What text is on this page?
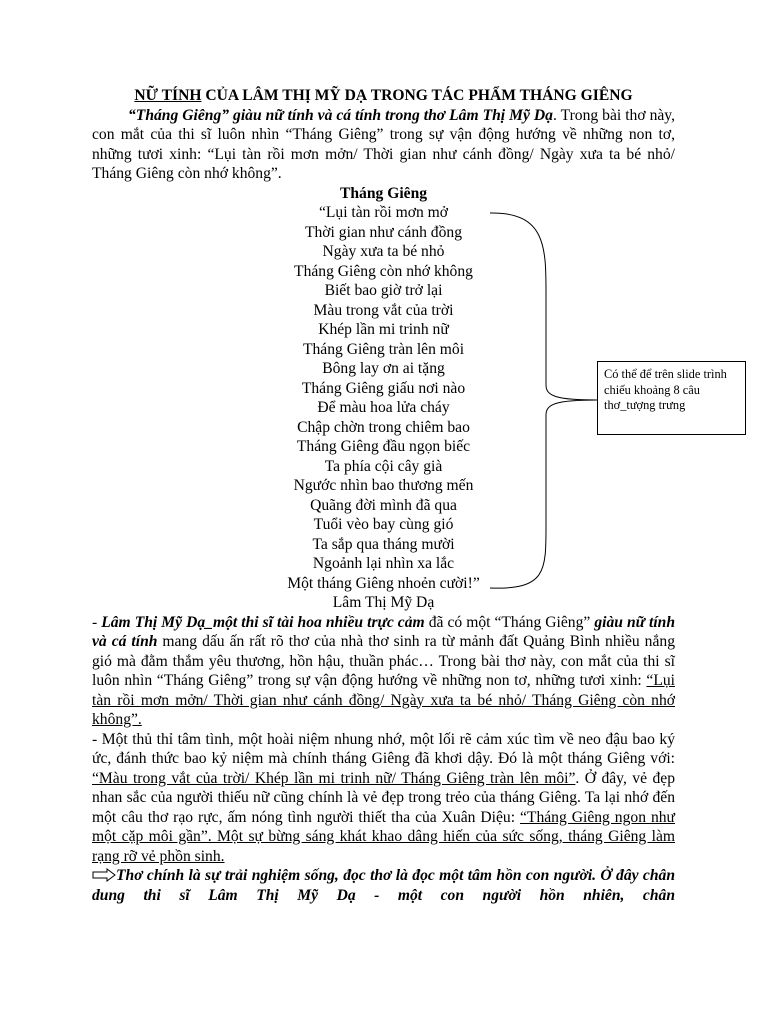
NỮ TÍNH CỦA LÂM THỊ MỸ DẠ TRONG TÁC PHẨM THÁNG GIÊNG

“Tháng Giêng” giàu nữ tính và cá tính trong thơ Lâm Thị Mỹ Dạ. Trong bài thơ này, con mắt của thi sĩ luôn nhìn “Tháng Giêng” trong sự vận động hướng về những non tơ, những tươi xinh: “Lụi tàn rồi mơn mởn/ Thời gian như cánh đồng/ Ngày xưa ta bé nhỏ/ Tháng Giêng còn nhớ không”.

Tháng Giêng

“Lụi tàn rồi mơn mở
Thời gian như cánh đồng
Ngày xưa ta bé nhỏ
Tháng Giêng còn nhớ không
Biết bao giờ trở lại
Màu trong vắt của trời
Khép lần mi trinh nữ
Tháng Giêng tràn lên môi
Bông lay ơn ai tặng
Tháng Giêng giấu nơi nào
Để màu hoa lửa cháy
Chập chờn trong chiêm bao
Tháng Giêng đầu ngọn biếc
Ta phía cội cây già
Ngước nhìn bao thương mến
Quãng đời mình đã qua
Tuổi vèo bay cùng gió
Ta sắp qua tháng mười
Ngoảnh lại nhìn xa lắc
Một tháng Giêng nhoẻn cười!”

Lâm Thị Mỹ Dạ

- Lâm Thị Mỹ Dạ_một thi sĩ tài hoa nhiều trực cảm đã có một “Tháng Giêng” giàu nữ tính và cá tính mang dấu ấn rất rõ thơ của nhà thơ sinh ra từ mảnh đất Quảng Bình nhiều nắng gió mà đằm thắm yêu thương, hồn hậu, thuần phác… Trong bài thơ này, con mắt của thi sĩ luôn nhìn “Tháng Giêng” trong sự vận động hướng về những non tơ, những tươi xinh: “Lụi tàn rồi mơn mởn/ Thời gian như cánh đồng/ Ngày xưa ta bé nhỏ/ Tháng Giêng còn nhớ không”.

- Một thủ thỉ tâm tình, một hoài niệm nhung nhớ, một lối rẽ cảm xúc tìm về neo đậu bao ký ức, đánh thức bao kỷ niệm mà chính tháng Giêng đã khơi dậy. Đó là một tháng Giêng với: “Màu trong vắt của trời/ Khép lần mi trinh nữ/ Tháng Giêng tràn lên môi”. Ở đây, vẻ đẹp nhan sắc của người thiếu nữ cũng chính là vẻ đẹp trong trẻo của tháng Giêng. Ta lại nhớ đến một câu thơ rạo rực, ấm nóng tình người thiết tha của Xuân Diệu: “Tháng Giêng ngon như một cặp môi gần”. Một sự bừng sáng khát khao dâng hiến của sức sống, tháng Giêng làm rạng rỡ vẻ phồn sinh.

Thơ chính là sự trải nghiệm sống, đọc thơ là đọc một tâm hồn con người. Ở đây chân dung thi sĩ Lâm Thị Mỹ Dạ - một con người hồn nhiên, chân

Có thể để trên slide trình chiếu khoảng 8 câu thơ_tượng trưng
